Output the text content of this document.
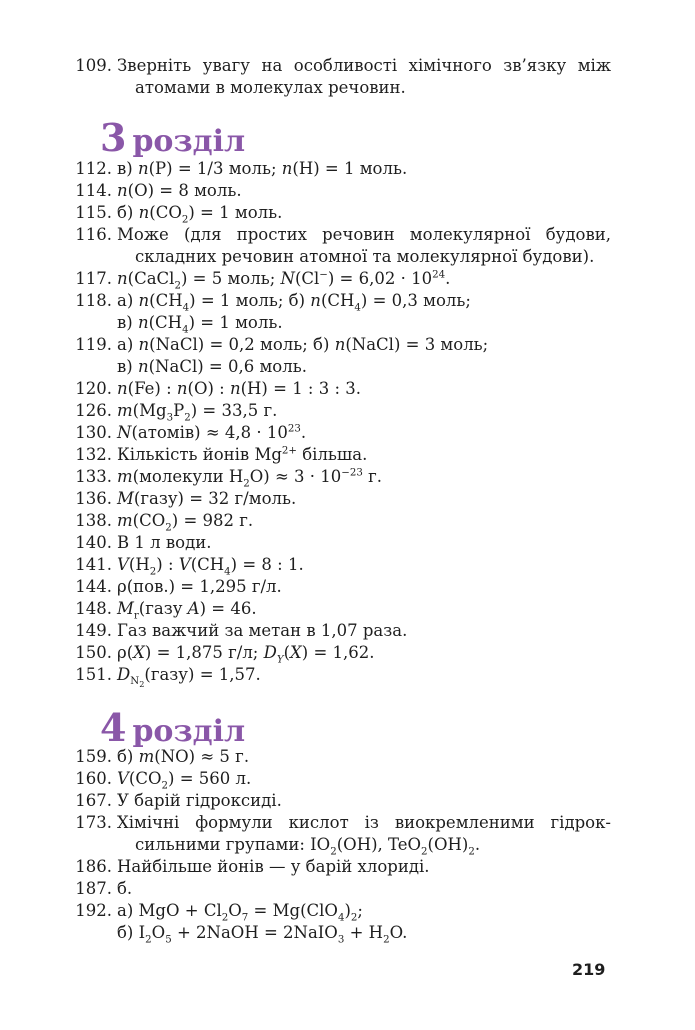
109. Зверніть увагу на особливості хімічного зв’язку між
атомами в молекулах речовин.
3 розділ
112. в) n(P) = 1/3 моль; n(H) = 1 моль.
114. n(O) = 8 моль.
115. б) $n(CO_2) = 1$ моль.
116. Може (для простих речовин молекулярної будови,
складних речовин атомної та молекулярної будови).
117. n(CaCl$_2$) = 5 моль; $N(Cl^-) = 6,02 \cdot 10^{24}$.
118. а) $n(CH_4) = 1$ моль; б) $n(CH_4) = 0,3$ моль;
в) $n(CH_4) = 1$ моль.
119. а) n(NaCl) = 0,2 моль; б) n(NaCl) = 3 моль;
в) n(NaCl) = 0,6 моль.
120. n(Fe) : n(O) : n(H) = 1 : 3 : 3.
126. $m(Mg_3P_2) = 33,5$ г.
130. N(атомів) ≈ $4,8 \cdot 10^{23}$.
132. Кількість йонів $Mg^{2+}$ більша.
133. m(молекули $H_2O) \approx 3 \cdot 10^{-23}$ г.
136. M(газу) = 32 г/моль.
138. $m(CO_2) = 982$ г.
140. В 1 л води.
141. $V(H_2)$ : $V(CH_4) = 8$ : 1.
144. ρ(пов.) = 1,295 г/л.
148. $M_r(газу$ A) = 46.
149. Газ важчий за метан в 1,07 раза.
150. ρ(X) = 1,875 г/л; $D_Y(X) = 1,62$.
151. $D_{N_2}(газу) = 1,57$.
4 розділ
159. б) m(NO) ≈ 5 г.
160. $V(CO_2) = 560$ л.
167. У барій гідроксиді.
173. Хімічні формули кислот із виокремленими гідрок-
сильними групами: $IO_2(OH)$, $TeO_2(OH)_2$.
186. Найбільше йонів — у барій хлориді.
187. б.
192. а) MgO + $Cl_2O_7 = Mg(ClO_4)_2$;
б) $I_2O_5$ + 2NaOH = 2NaIO$_3$ + $H_2O$.
219
